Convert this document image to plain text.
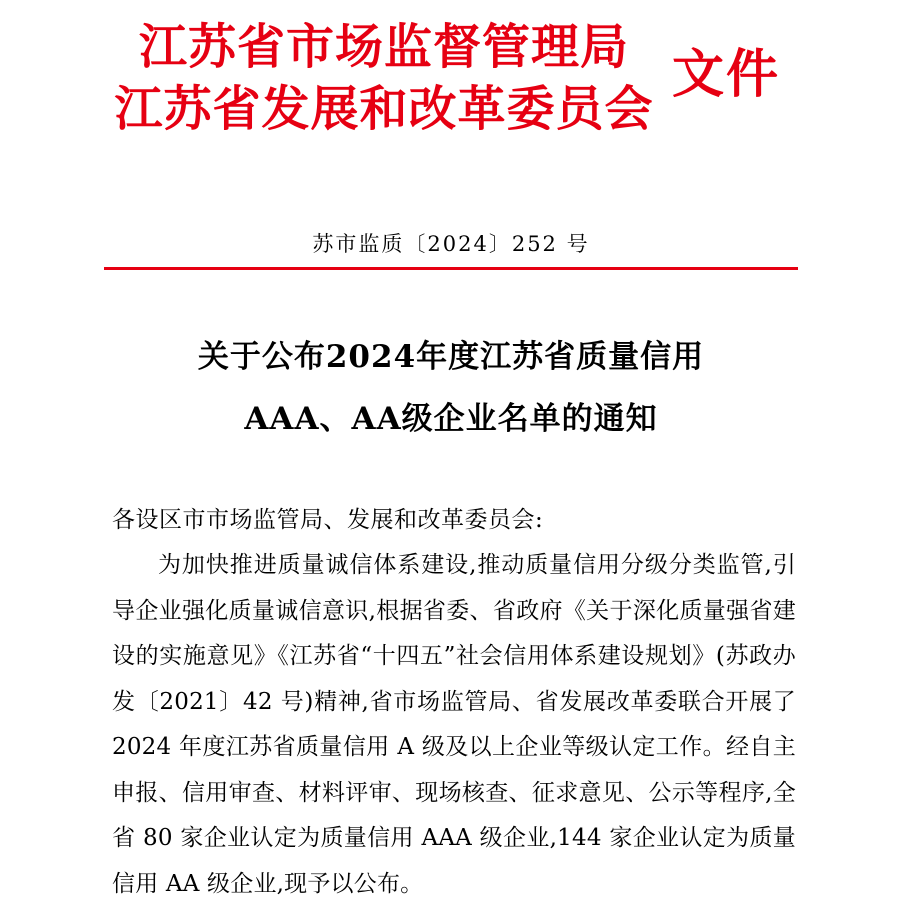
江苏省市场监督管理局
江苏省发展和改革委员会
文件
苏市监质〔2024〕252 号
关于公布2024年度江苏省质量信用
AAA、AA级企业名单的通知
各设区市市场监管局、发展和改革委员会:

为加快推进质量诚信体系建设,推动质量信用分级分类监管,引导企业强化质量诚信意识,根据省委、省政府《关于深化质量强省建设的实施意见》《江苏省“十四五”社会信用体系建设规划》(苏政办发〔2021〕42 号)精神,省市场监管局、省发展改革委联合开展了 2024 年度江苏省质量信用 A 级及以上企业等级认定工作。经自主申报、信用审查、材料评审、现场核查、征求意见、公示等程序,全省 80 家企业认定为质量信用 AAA 级企业,144 家企业认定为质量信用 AA 级企业,现予以公布。
